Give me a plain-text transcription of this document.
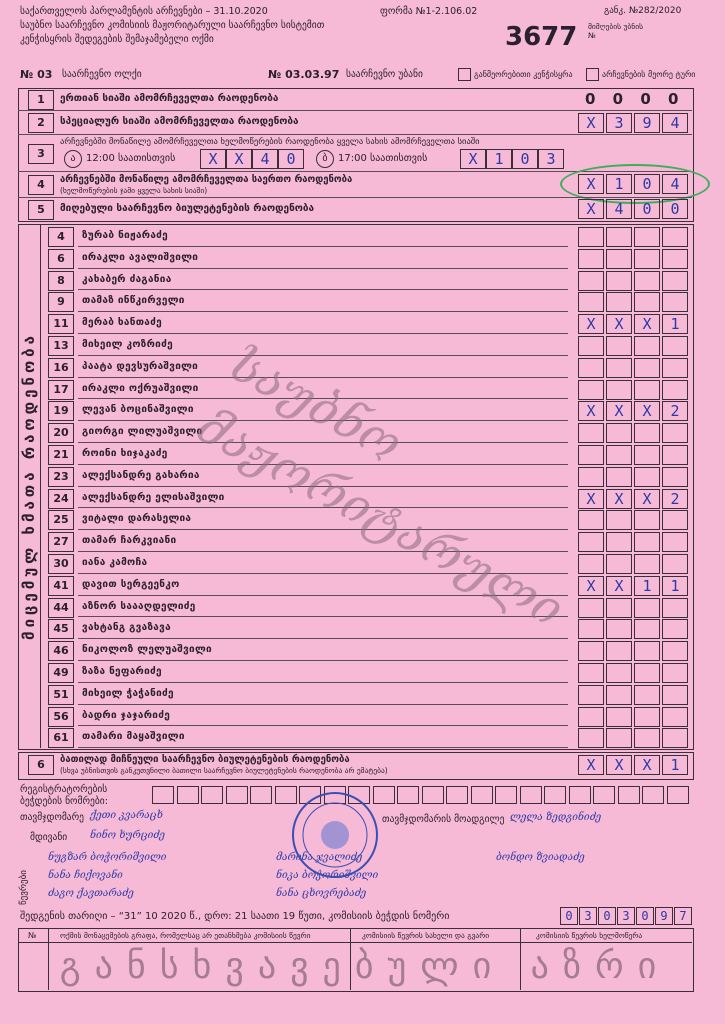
საქართველოს პარლამენტის არჩევნები – 31.10.2020
საუბნო საარჩევნო კომისიის მაჟორიტარული საარჩევნო სისტემით
კენჭისყრის შედეგების შემაჯამებელი ოქმი
ფორმა №1-2.106.02
3677
განკ. №282/2020
მიმღების უბნის №
№ 03 საარჩევნო ოლქი	№ 03.03.97 საარჩევნო უბანი	განმეორებითი კენჭისყრა	არჩევნების მეორე ტური
1	ერთიან სიაში ამომრჩეველთა რაოდენობა	0 0 0 0
2	სპეციალურ სიაში ამომრჩეველთა რაოდენობა	X	3	9	4
3
არჩევნებში მონაწილე ამომრჩეველთა ხელმოწერების რაოდენობა ყველა სახის ამომრჩეველთა სიაში
ა	12:00 საათისთვის	X	X	4	0	ბ	17:00 საათისთვის	X	1	0	3
4	არჩევნებში მონაწილე ამომრჩეველთა საერთო რაოდენობა
(ხელმოწერების ჯამი ყველა სახის სიაში)	X	1	0	4
5	მიღებული საარჩევნო ბიულეტენების რაოდენობა	X	4	0	0
მიცემულ ხმათა რაოდენობა
4	ზურაბ ნიჟარაძე
6	ირაკლი ავალიშვილი
8	კახაბერ ძაგანია
9	თამაზ ინწკირველი
11	მერაბ ხანთაძე	X	X	X	1
13	მიხეილ კოზრიძე
16	პაატა დევსურაშვილი
17	ირაკლი ოქრუაშვილი
19	ლევან ბოცინაშვილი	X	X	X	2
20	გიორგი ლილუაშვილი
21	როინი ხიჯაკაძე
23	ალექსანდრე გახარია
24	ალექსანდრე ელისაშვილი	X	X	X	2
25	ვიტალი დარასელია
27	თამარ ჩარკვიანი
30	იანა კამოჩა
41	დავით სერგეენკო	X	X	1	1
44	აზნორ საააღდელიძე
45	ვახტანგ გვაზავა
46	ნიკოლოზ ლელუაშვილი
49	ზაზა ნეფარიძე
51	მიხეილ ჭაჭანიძე
56	ბადრი ჯაჯარიძე
61	თამარი მაყაშვილი
6	ბათილად მიჩნეული საარჩევნო ბიულეტენების რაოდენობა
(სხვა უბნისთვის განკუთვნილი ბათილი საარჩევნო ბიულეტენების რაოდენობა არ ემატება)	X	X	X	1
რეგისტრატორების ბეჭდების ნომრები:
თავმჯდომარე ქეთი კვარაცხ	თავმჯდომარის მოადგილე ლელა ზედგინიძე
მდივანი ნინო ხურციძე
წევრები
ნუგზარ ბოჭორიშვილი
ნანა ჩიქოვანი
ძაგო ქავთარაძე
მარინა ჯვალიძე
ნიკა ბოჭორიშვილი
ნანა ცხოვრებაძე
ბონდო ზვიადაძე
შედგენის თარიღი – “31” 10 2020 წ., დრო: 21 საათი 19 წუთი, კომისიის ბეჭდის ნომერი	0 3 0 3 0 9 7
№	ოქმის მონაცემების გრაფა, რომელსაც არ ეთანხმება კომისიის წევრი	კომისიის წევრის სახელი და გვარი	კომისიის წევრის ხელმოწერა
განსხვავებული აზრი
საუბნო მაჟორიტარული
